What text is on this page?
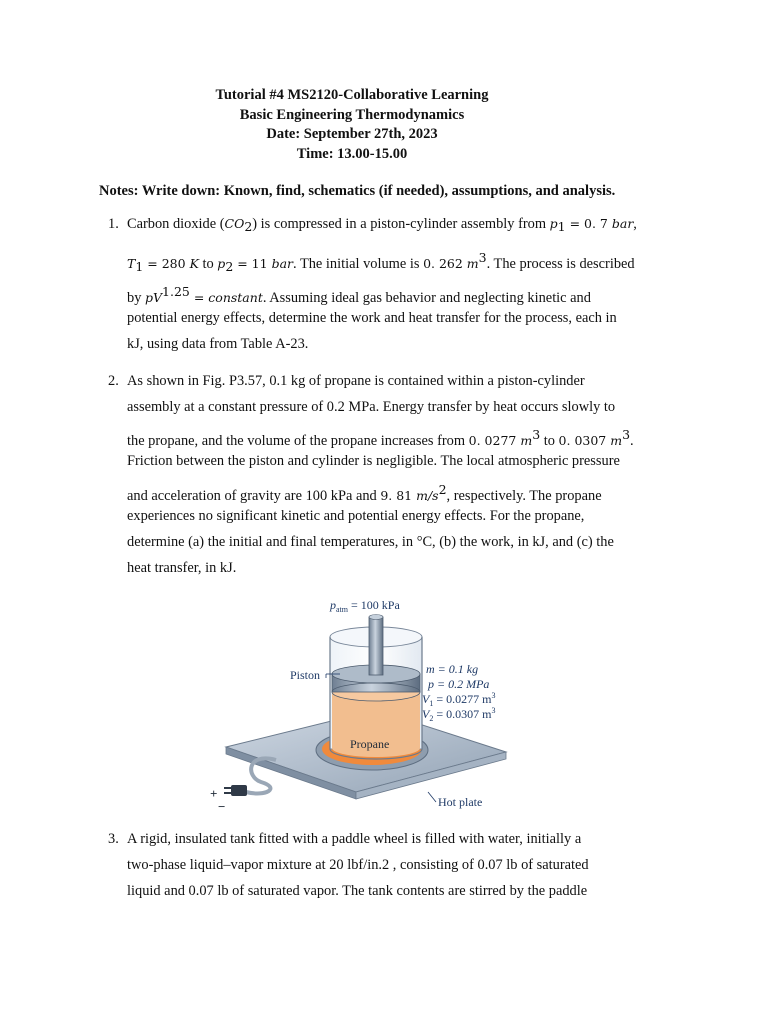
Tutorial #4 MS2120-Collaborative Learning
Basic Engineering Thermodynamics
Date: September 27th, 2023
Time: 13.00-15.00
Notes: Write down: Known, find, schematics (if needed), assumptions, and analysis.
1. Carbon dioxide $(CO_2)$ is compressed in a piston-cylinder assembly from $p_1 = 0$. 7 bar,
$T_1 = 280$ K to $p_2 = 11$ bar. The initial volume is 0. 262 $m^3$. The process is described
by $pV^{1.25}$ = constant. Assuming ideal gas behavior and neglecting kinetic and
potential energy effects, determine the work and heat transfer for the process, each in
kJ, using data from Table A-23.
2. As shown in Fig. P3.57, 0.1 kg of propane is contained within a piston-cylinder
assembly at a constant pressure of 0.2 MPa. Energy transfer by heat occurs slowly to
the propane, and the volume of the propane increases from 0. 0277 $m^3$ to 0. 0307 $m^3$.
Friction between the piston and cylinder is negligible. The local atmospheric pressure
and acceleration of gravity are 100 kPa and 9. 81 $m/s^2$, respectively. The propane
experiences no significant kinetic and potential energy effects. For the propane,
determine (a) the initial and final temperatures, in °C, (b) the work, in kJ, and (c) the
heat transfer, in kJ.
$p_{atm} = 100$ kPa
Piston
Propane
m = 0.1 kg
p = 0.2 MPa
$V_1 = 0.0277$ $m^3$
$V_2 = 0.0307$ $m^3$
Hot plate
+
−
3. A rigid, insulated tank fitted with a paddle wheel is filled with water, initially a
two-phase liquid–vapor mixture at 20 lbf/in.2 , consisting of 0.07 lb of saturated
liquid and 0.07 lb of saturated vapor. The tank contents are stirred by the paddle
